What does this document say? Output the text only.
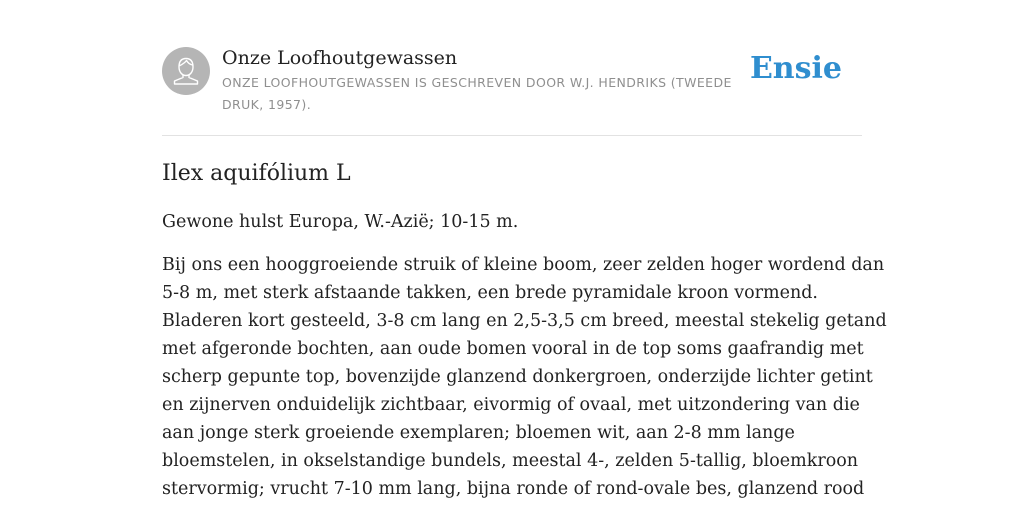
Onze Loofhoutgewassen
ONZE LOOFHOUTGEWASSEN IS GESCHREVEN DOOR W.J. HENDRIKS (TWEEDE DRUK, 1957).
Ensie
Ilex aquifólium L

Gewone hulst Europa, W.-Azië; 10-15 m.

Bij ons een hooggroeiende struik of kleine boom, zeer zelden hoger wordend dan
5-8 m, met sterk afstaande takken, een brede pyramidale kroon vormend.
Bladeren kort gesteeld, 3-8 cm lang en 2,5-3,5 cm breed, meestal stekelig getand
met afgeronde bochten, aan oude bomen vooral in de top soms gaafrandig met
scherp gepunte top, bovenzijde glanzend donkergroen, onderzijde lichter getint
en zijnerven onduidelijk zichtbaar, eivormig of ovaal, met uitzondering van die
aan jonge sterk groeiende exemplaren; bloemen wit, aan 2-8 mm lange
bloemstelen, in okselstandige bundels, meestal 4-, zelden 5-tallig, bloemkroon
stervormig; vrucht 7-10 mm lang, bijna ronde of rond-ovale bes, glanzend rood
